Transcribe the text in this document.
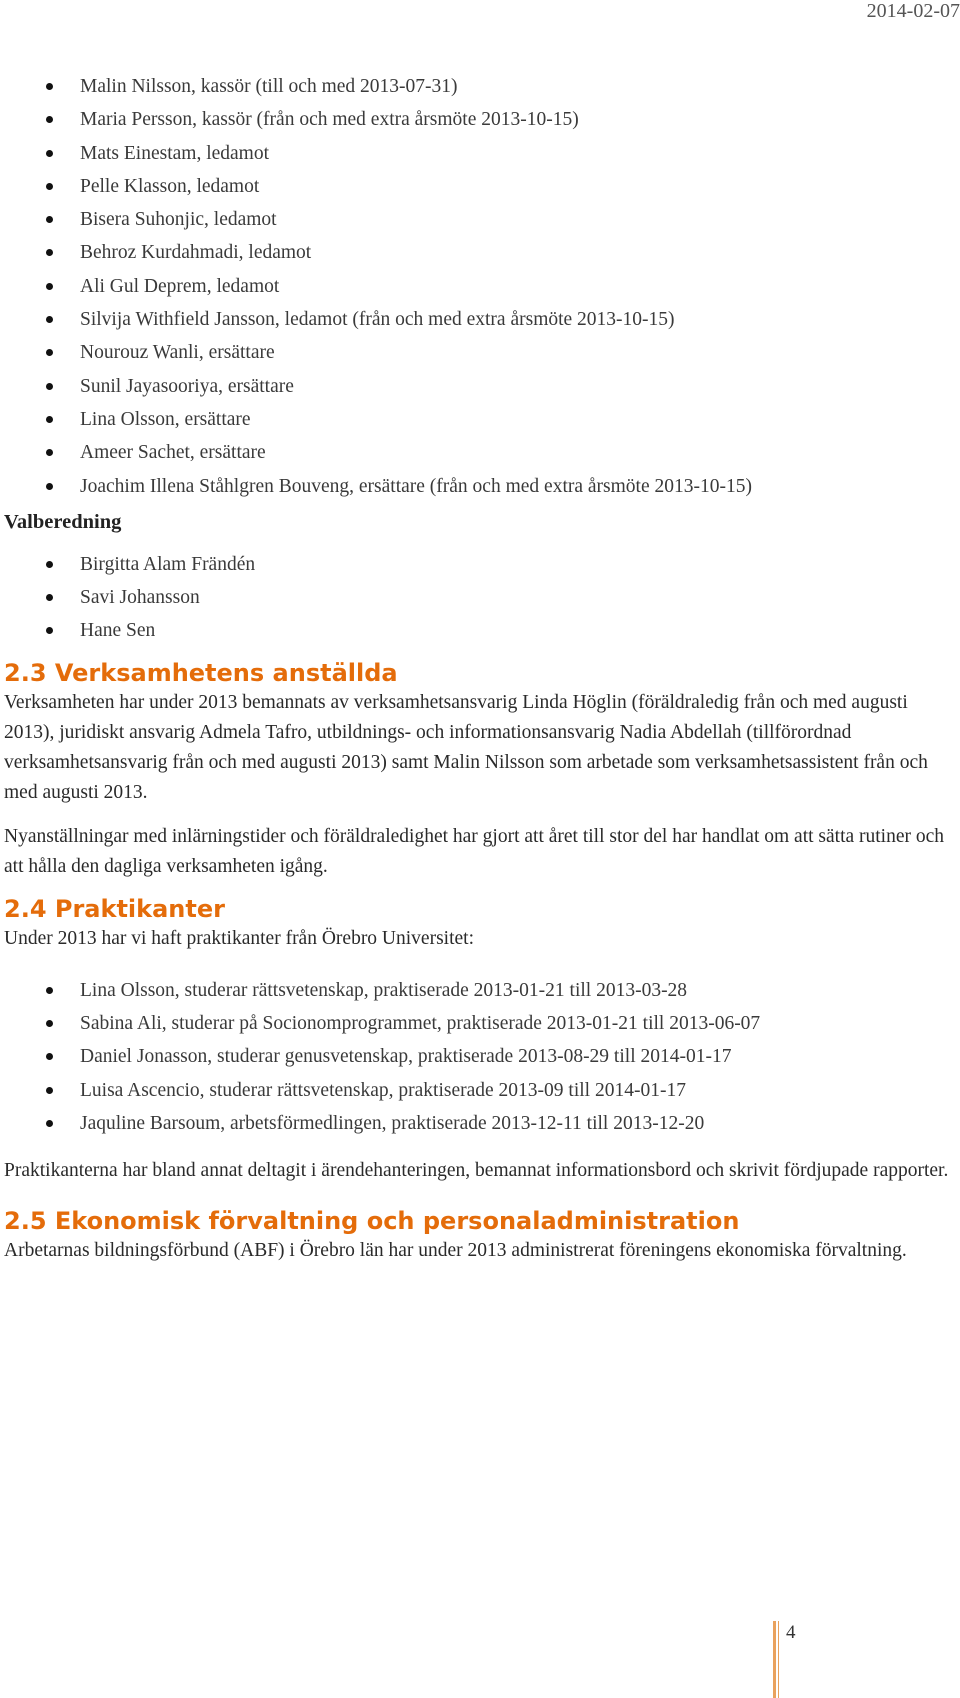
2014-02-07
Malin Nilsson, kassör (till och med 2013-07-31)
Maria Persson, kassör (från och med extra årsmöte 2013-10-15)
Mats Einestam, ledamot
Pelle Klasson, ledamot
Bisera Suhonjic, ledamot
Behroz Kurdahmadi, ledamot
Ali Gul Deprem, ledamot
Silvija Withfield Jansson, ledamot (från och med extra årsmöte 2013-10-15)
Nourouz Wanli, ersättare
Sunil Jayasooriya, ersättare
Lina Olsson, ersättare
Ameer Sachet, ersättare
Joachim Illena Ståhlgren Bouveng, ersättare (från och med extra årsmöte 2013-10-15)
Valberedning
Birgitta Alam Frändén
Savi Johansson
Hane Sen
2.3 Verksamhetens anställda

Verksamheten har under 2013 bemannats av verksamhetsansvarig Linda Höglin (föräldraledig från och med augusti 2013), juridiskt ansvarig Admela Tafro, utbildnings- och informationsansvarig Nadia Abdellah (tillförordnad verksamhetsansvarig från och med augusti 2013) samt Malin Nilsson som arbetade som verksamhetsassistent från och med augusti 2013.

Nyanställningar med inlärningstider och föräldraledighet har gjort att året till stor del har handlat om att sätta rutiner och att hålla den dagliga verksamheten igång.

2.4 Praktikanter

Under 2013 har vi haft praktikanter från Örebro Universitet:

Lina Olsson, studerar rättsvetenskap, praktiserade 2013-01-21 till 2013-03-28
Sabina Ali, studerar på Socionomprogrammet, praktiserade 2013-01-21 till 2013-06-07
Daniel Jonasson, studerar genusvetenskap, praktiserade 2013-08-29 till 2014-01-17
Luisa Ascencio, studerar rättsvetenskap, praktiserade 2013-09 till 2014-01-17
Jaquline Barsoum, arbetsförmedlingen, praktiserade 2013-12-11 till 2013-12-20

Praktikanterna har bland annat deltagit i ärendehanteringen, bemannat informationsbord och skrivit fördjupade rapporter.

2.5 Ekonomisk förvaltning och personaladministration

Arbetarnas bildningsförbund (ABF) i Örebro län har under 2013 administrerat föreningens ekonomiska förvaltning.

4
